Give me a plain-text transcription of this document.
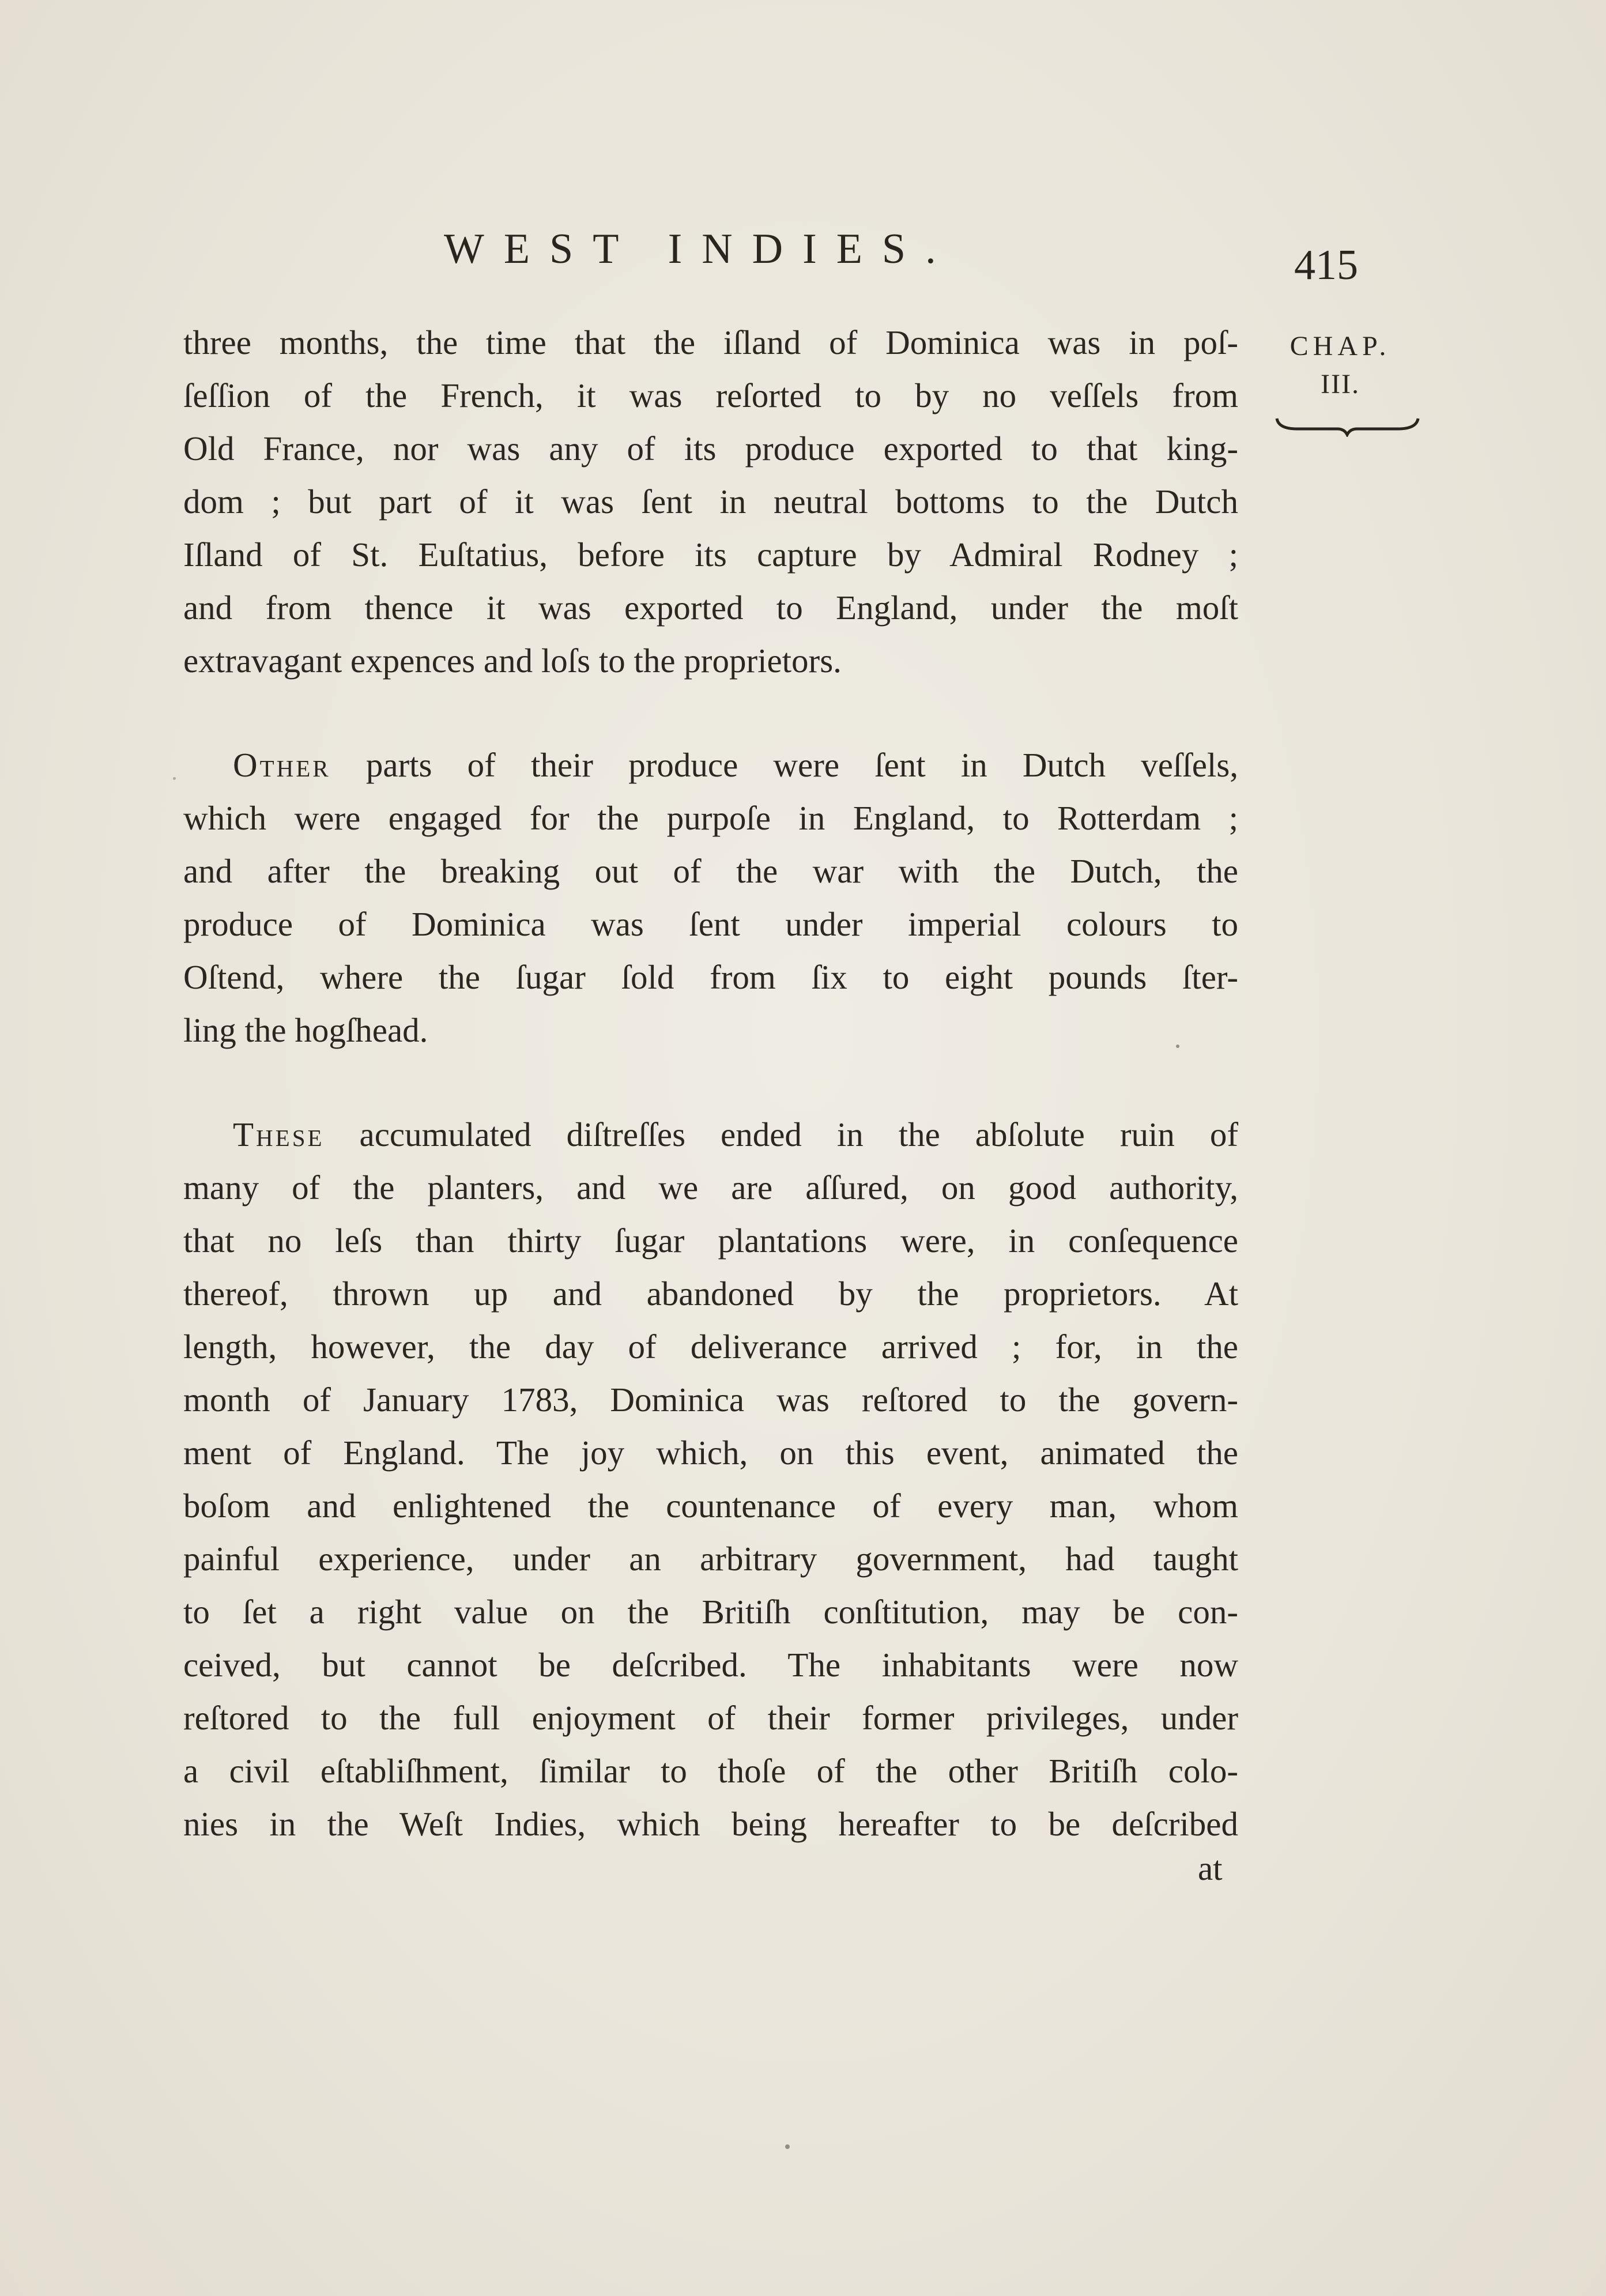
WEST INDIES.	415
CHAP.
III.
three months, the time that the iſland of Dominica was in poſ-
ſeſſion of the French, it was reſorted to by no veſſels from
Old France, nor was any of its produce exported to that king-
dom ; but part of it was ſent in neutral bottoms to the Dutch
Iſland of St. Euſtatius, before its capture by Admiral Rodney ;
and from thence it was exported to England, under the moſt
extravagant expences and loſs to the proprietors.
Other parts of their produce were ſent in Dutch veſſels,
which were engaged for the purpoſe in England, to Rotterdam ;
and after the breaking out of the war with the Dutch, the
produce of Dominica was ſent under imperial colours to
Oſtend, where the ſugar ſold from ſix to eight pounds ſter-
ling the hogſhead.
These accumulated diſtreſſes ended in the abſolute ruin of
many of the planters, and we are aſſured, on good authority,
that no leſs than thirty ſugar plantations were, in conſequence
thereof, thrown up and abandoned by the proprietors. At
length, however, the day of deliverance arrived ; for, in the
month of January 1783, Dominica was reſtored to the govern-
ment of England. The joy which, on this event, animated the
boſom and enlightened the countenance of every man, whom
painful experience, under an arbitrary government, had taught
to ſet a right value on the Britiſh conſtitution, may be con-
ceived, but cannot be deſcribed. The inhabitants were now
reſtored to the full enjoyment of their former privileges, under
a civil eſtabliſhment, ſimilar to thoſe of the other Britiſh colo-
nies in the Weſt Indies, which being hereafter to be deſcribed
at
